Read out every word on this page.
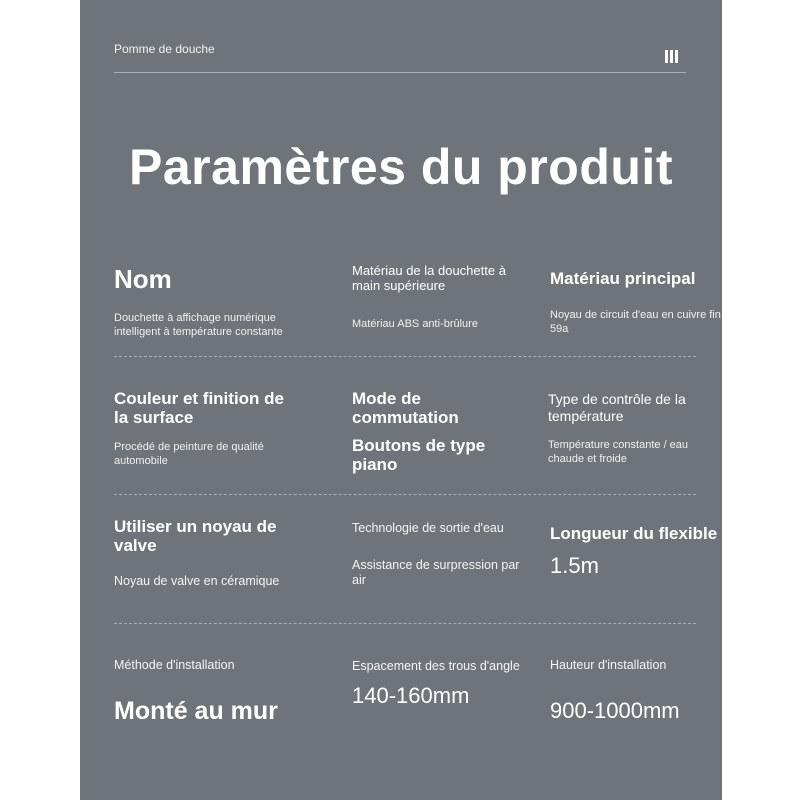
Pomme de douche
Paramètres du produit
Nom
Douchette à affichage numérique intelligent à température constante
Matériau de la douchette à main supérieure
Matériau ABS anti-brûlure
Matériau principal
Noyau de circuit d'eau en cuivre fin 59a
Couleur et finition de la surface
Procédé de peinture de qualité automobile
Mode de commutation
Boutons de type piano
Type de contrôle de la température
Température constante / eau chaude et froide
Utiliser un noyau de valve
Noyau de valve en céramique
Technologie de sortie d'eau
Assistance de surpression par air
Longueur du flexible
1.5m
Méthode d'installation
Monté au mur
Espacement des trous d'angle
140-160mm
Hauteur d'installation
900-1000mm
